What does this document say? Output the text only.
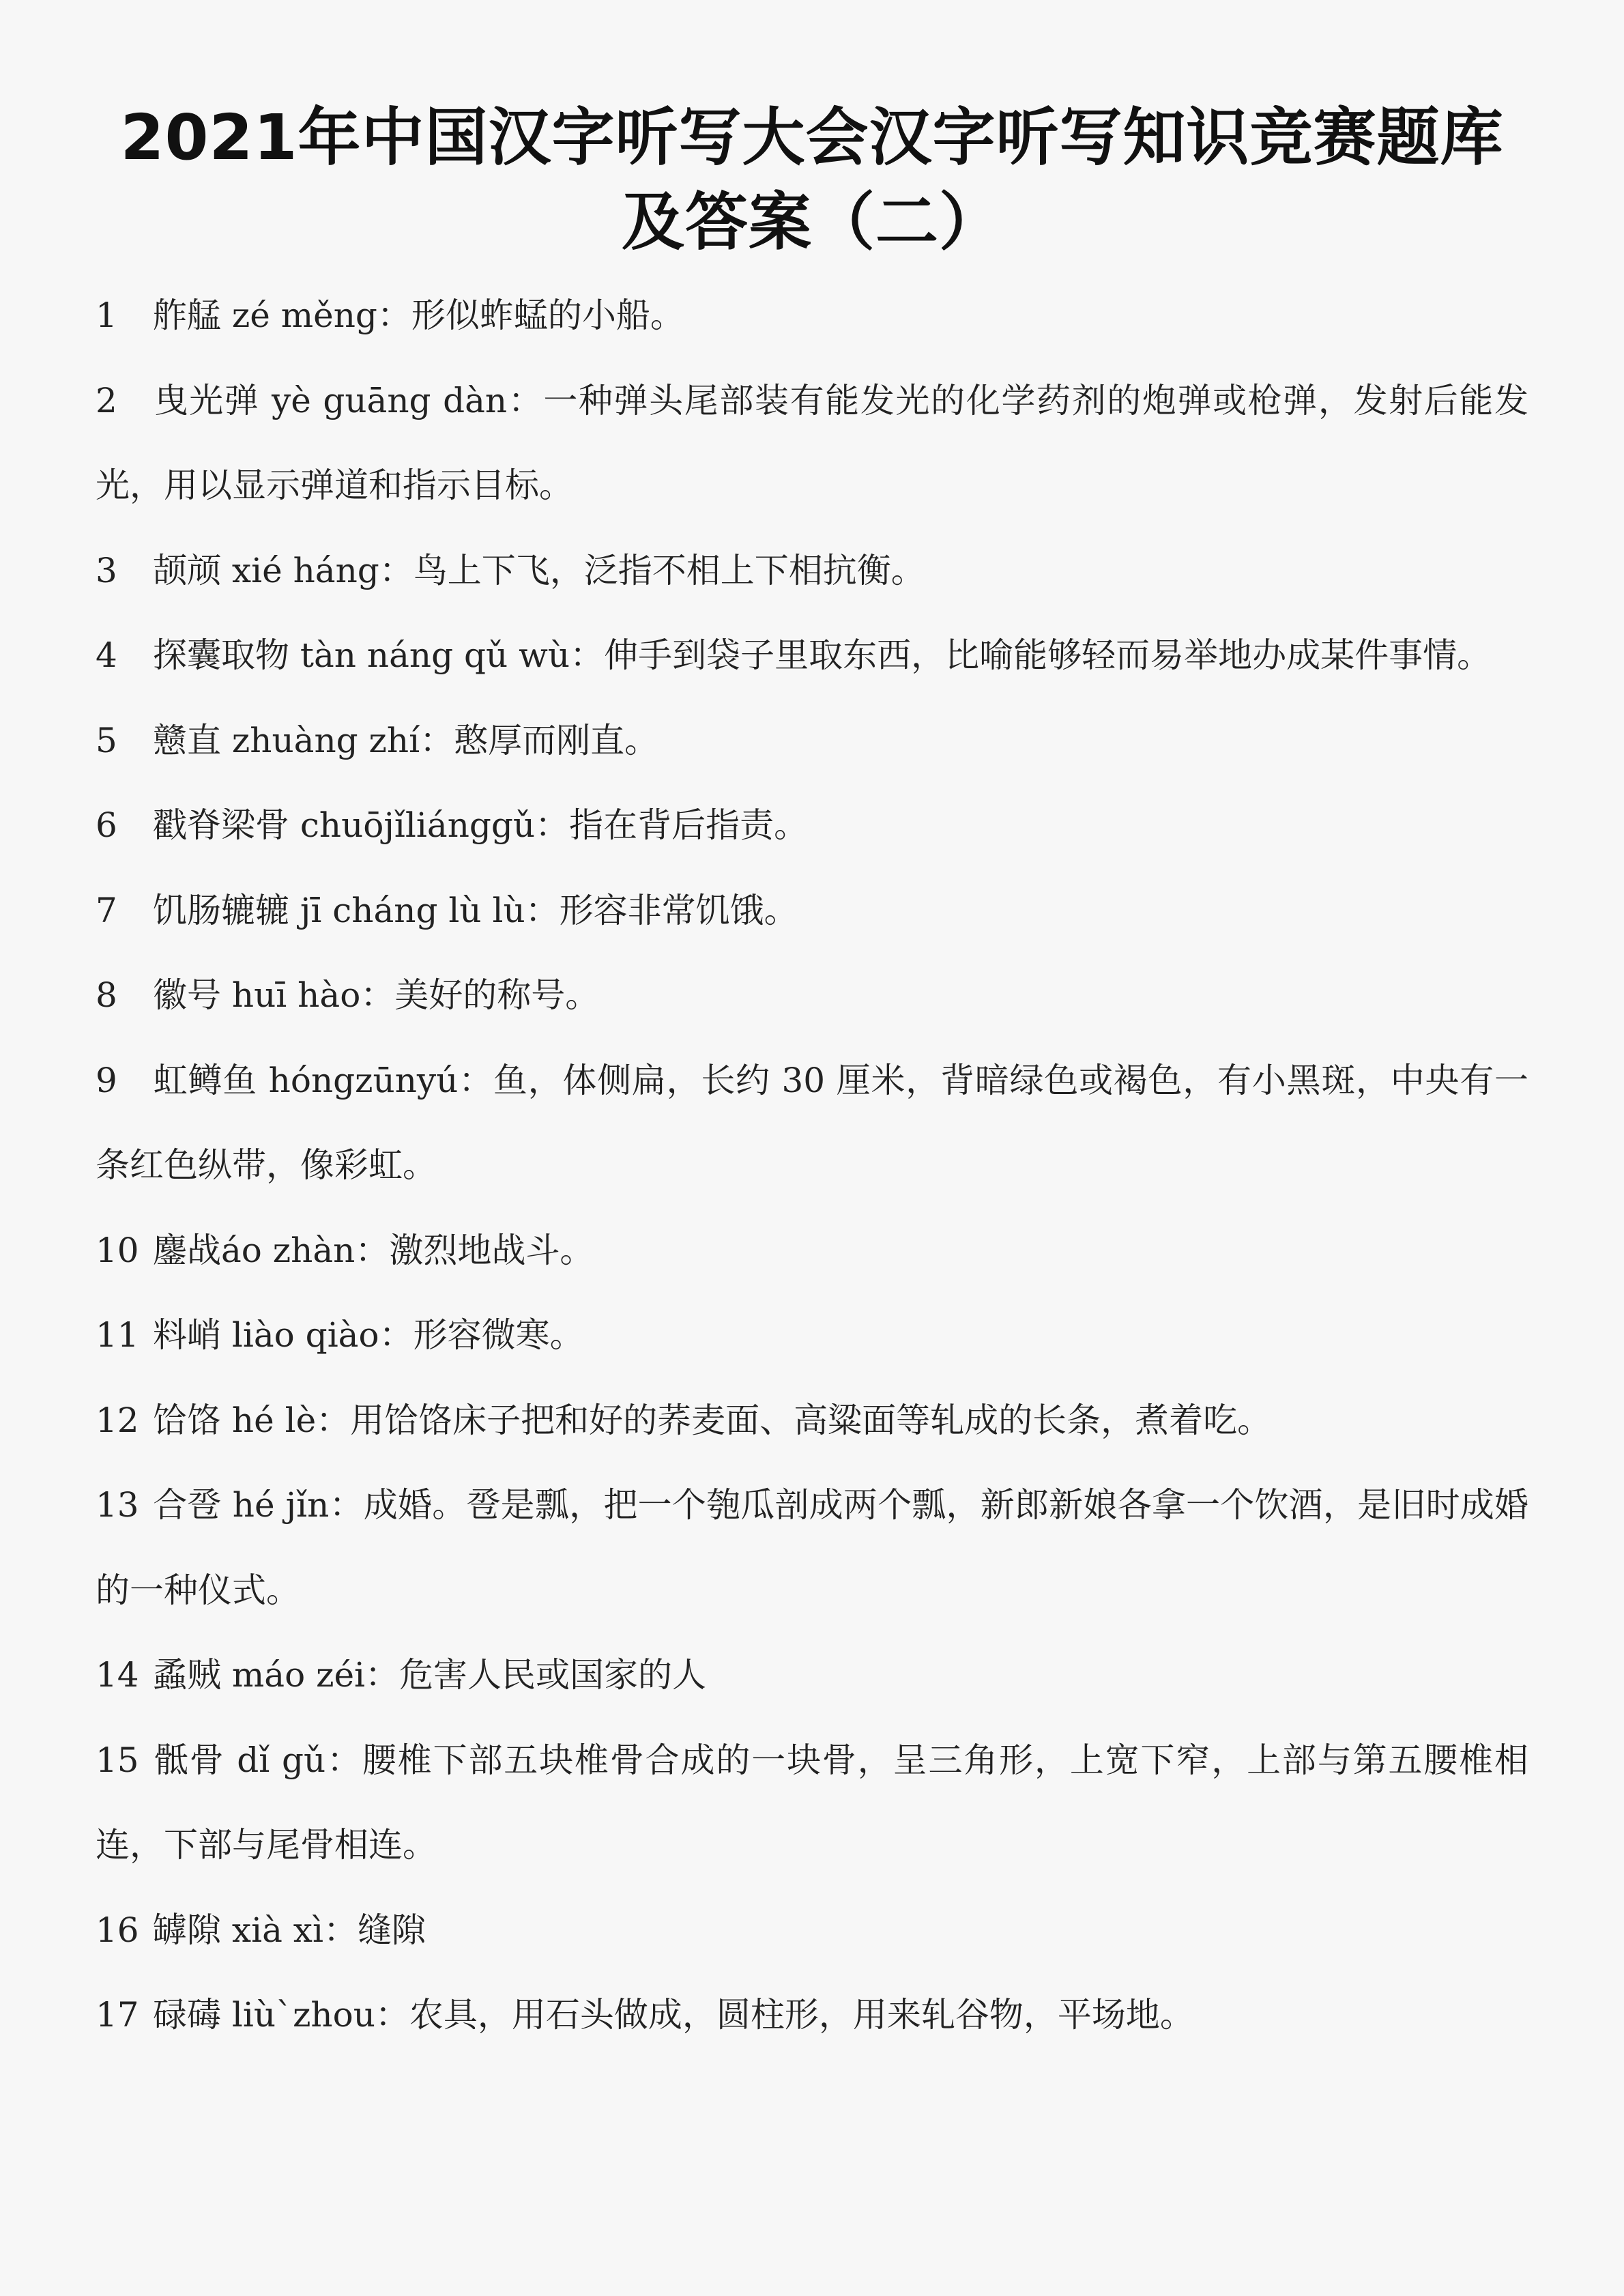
2021年中国汉字听写大会汉字听写知识竞赛题库
及答案（二）

1 舴艋 zé měng：形似蚱蜢的小船。

2 曳光弹 yè guāng dàn：一种弹头尾部装有能发光的化学药剂的炮弹或枪弹，发射后能发光，用以显示弹道和指示目标。

3 颉颃 xié háng：鸟上下飞，泛指不相上下相抗衡。

4 探囊取物 tàn náng qǔ wù：伸手到袋子里取东西，比喻能够轻而易举地办成某件事情。

5 戆直 zhuàng zhí：憨厚而刚直。

6 戳脊梁骨 chuōjǐliánggǔ：指在背后指责。

7 饥肠辘辘 jī cháng lù lù：形容非常饥饿。

8 徽号 huī hào：美好的称号。

9 虹鳟鱼 hóngzūnyú：鱼，体侧扁，长约 30 厘米，背暗绿色或褐色，有小黑斑，中央有一条红色纵带，像彩虹。

10 鏖战áo zhàn：激烈地战斗。

11 料峭 liào qiào：形容微寒。

12 饸饹 hé lè：用饸饹床子把和好的荞麦面、高粱面等轧成的长条，煮着吃。

13 合卺 hé jǐn：成婚。卺是瓢，把一个匏瓜剖成两个瓢，新郎新娘各拿一个饮酒，是旧时成婚的一种仪式。

14 蟊贼 máo zéi：危害人民或国家的人

15 骶骨 dǐ gǔ：腰椎下部五块椎骨合成的一块骨，呈三角形，上宽下窄，上部与第五腰椎相连，下部与尾骨相连。

16 罅隙 xià xì：缝隙

17 碌碡 liù`zhou：农具，用石头做成，圆柱形，用来轧谷物，平场地。
